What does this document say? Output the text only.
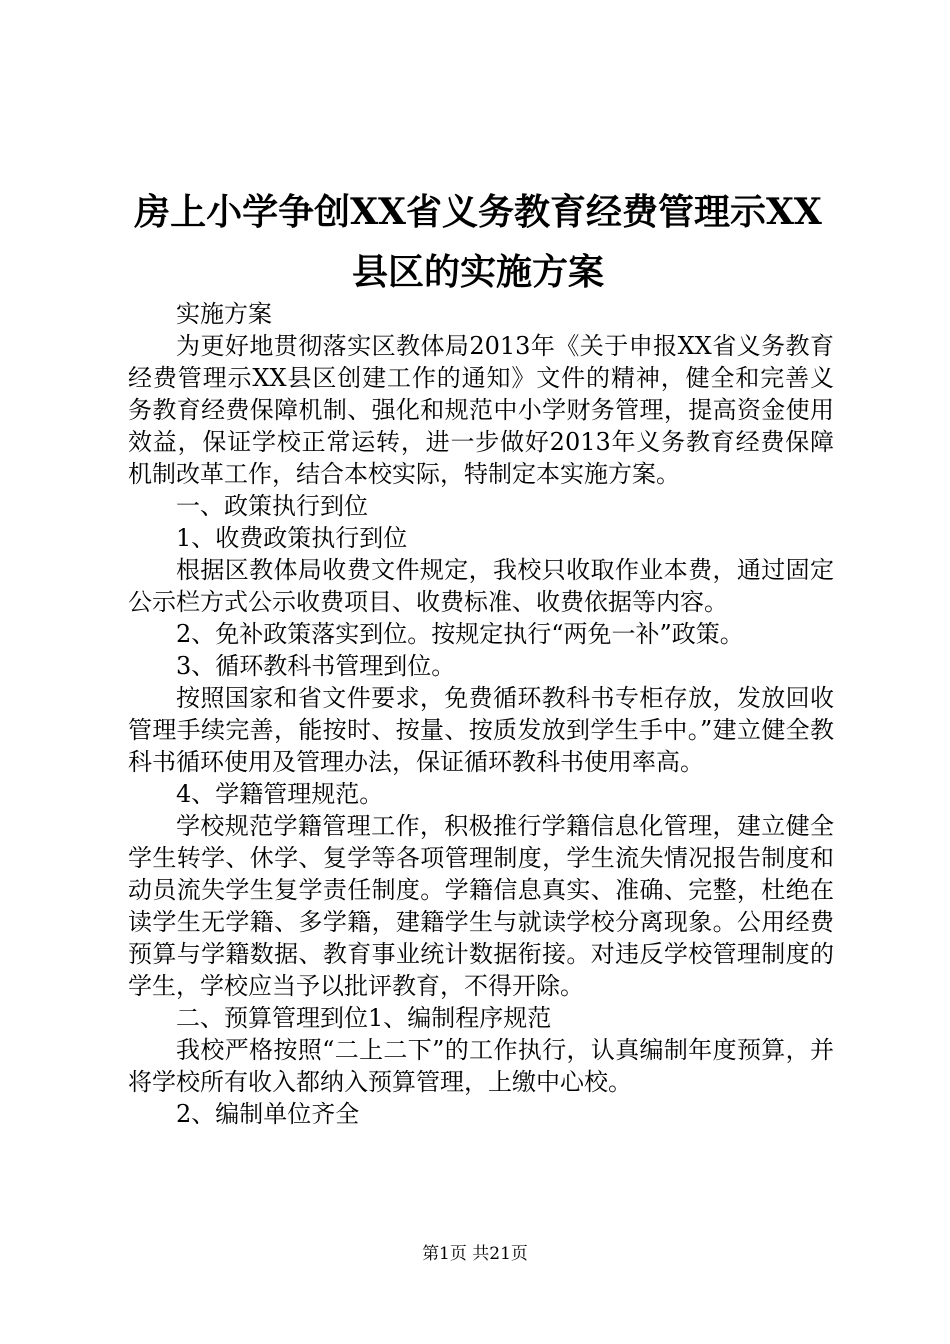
房上小学争创XX省义务教育经费管理示XX县区的实施方案

实施方案

为更好地贯彻落实区教体局2013年《关于申报XX省义务教育经费管理示XX县区创建工作的通知》文件的精神，健全和完善义务教育经费保障机制、强化和规范中小学财务管理，提高资金使用效益，保证学校正常运转，进一步做好2013年义务教育经费保障机制改革工作，结合本校实际，特制定本实施方案。

一、政策执行到位

1、收费政策执行到位

根据区教体局收费文件规定，我校只收取作业本费，通过固定公示栏方式公示收费项目、收费标准、收费依据等内容。

2、免补政策落实到位。按规定执行“两免一补”政策。

3、循环教科书管理到位。

按照国家和省文件要求，免费循环教科书专柜存放，发放回收管理手续完善，能按时、按量、按质发放到学生手中。”建立健全教科书循环使用及管理办法，保证循环教科书使用率高。

4、学籍管理规范。

学校规范学籍管理工作，积极推行学籍信息化管理，建立健全学生转学、休学、复学等各项管理制度，学生流失情况报告制度和动员流失学生复学责任制度。学籍信息真实、准确、完整，杜绝在读学生无学籍、多学籍，建籍学生与就读学校分离现象。公用经费预算与学籍数据、教育事业统计数据衔接。对违反学校管理制度的学生，学校应当予以批评教育，不得开除。

二、预算管理到位1、编制程序规范

我校严格按照“二上二下”的工作执行，认真编制年度预算，并将学校所有收入都纳入预算管理，上缴中心校。

2、编制单位齐全

第1页 共21页
